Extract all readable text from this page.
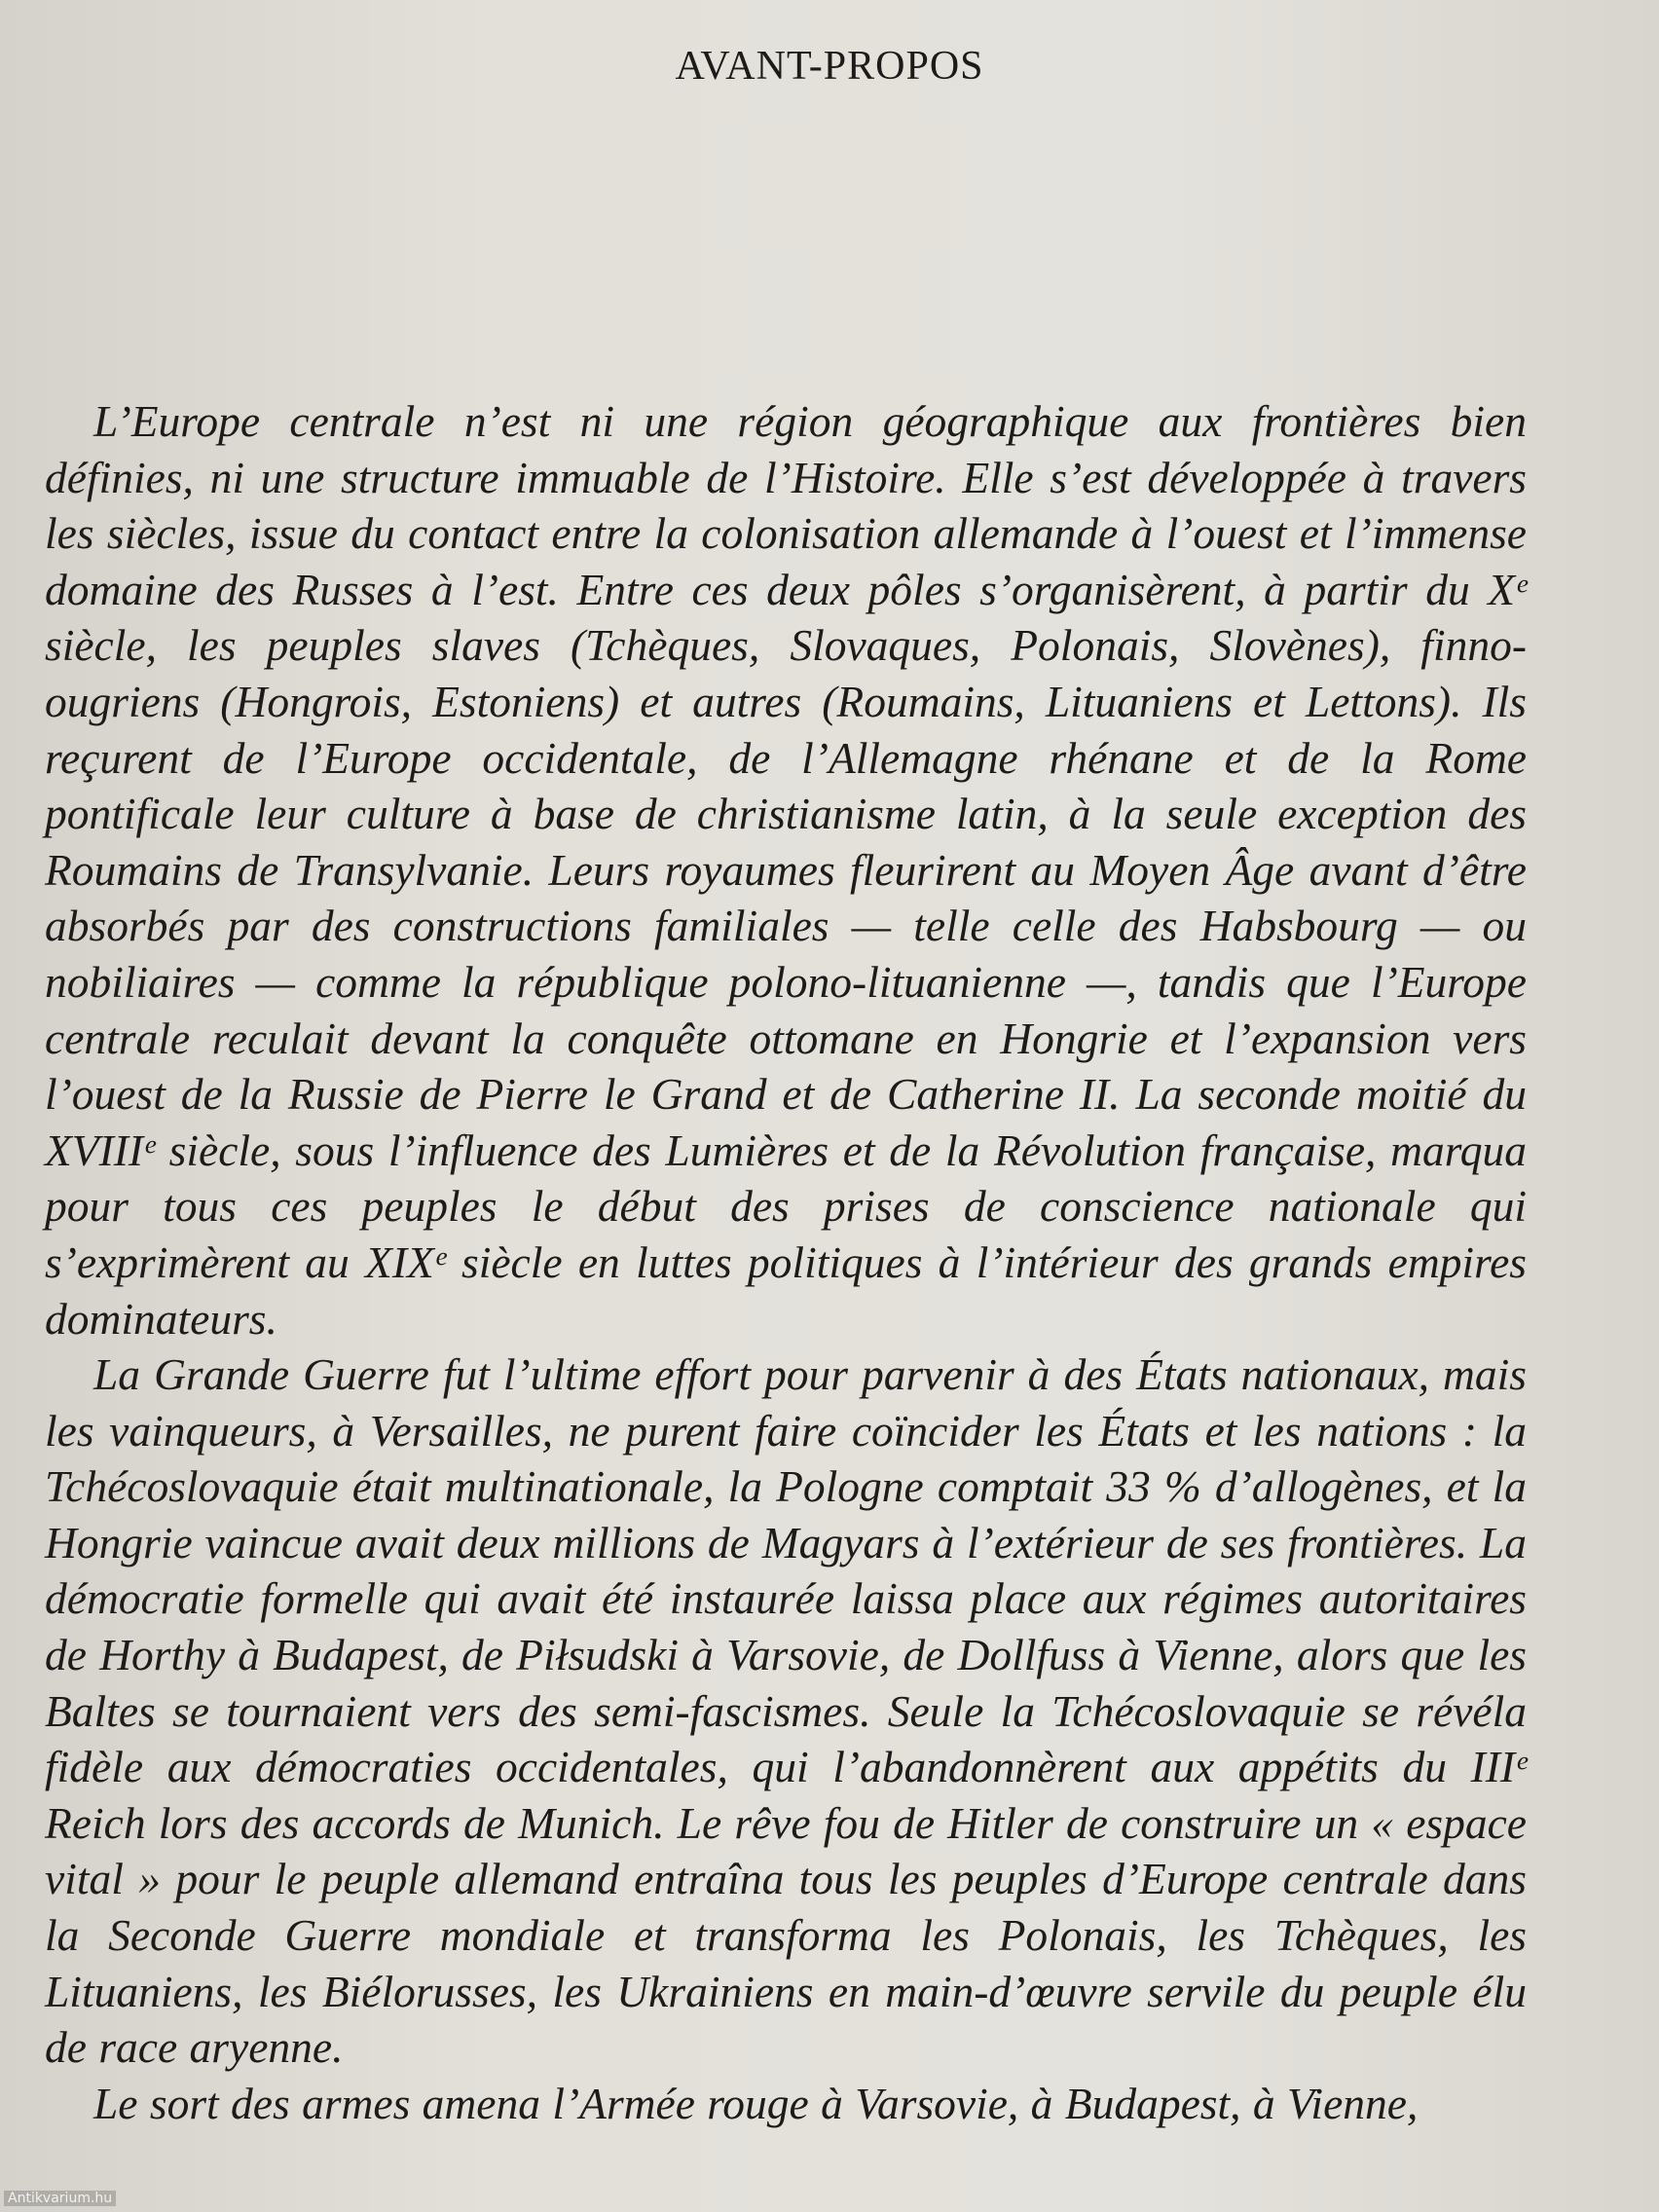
AVANT-PROPOS

L’Europe centrale n’est ni une région géographique aux frontières bien définies, ni une structure immuable de l’Histoire. Elle s’est développée à travers les siècles, issue du contact entre la colonisation allemande à l’ouest et l’immense domaine des Russes à l’est. Entre ces deux pôles s’organisèrent, à partir du Xᵉ siècle, les peuples slaves (Tchèques, Slovaques, Polonais, Slovènes), finno-ougriens (Hongrois, Estoniens) et autres (Roumains, Lituaniens et Lettons). Ils reçurent de l’Europe occidentale, de l’Allemagne rhénane et de la Rome pontificale leur culture à base de christianisme latin, à la seule exception des Roumains de Transylvanie. Leurs royaumes fleurirent au Moyen Âge avant d’être absorbés par des constructions familiales — telle celle des Habsbourg — ou nobiliaires — comme la république polono-lituanienne —, tandis que l’Europe centrale reculait devant la conquête ottomane en Hongrie et l’expansion vers l’ouest de la Russie de Pierre le Grand et de Catherine II. La seconde moitié du XVIIIᵉ siècle, sous l’influence des Lumières et de la Révolution française, marqua pour tous ces peuples le début des prises de conscience nationale qui s’exprimèrent au XIXᵉ siècle en luttes politiques à l’intérieur des grands empires dominateurs.

La Grande Guerre fut l’ultime effort pour parvenir à des États nationaux, mais les vainqueurs, à Versailles, ne purent faire coïncider les États et les nations : la Tchécoslovaquie était multinationale, la Pologne comptait 33 % d’allogènes, et la Hongrie vaincue avait deux millions de Magyars à l’extérieur de ses frontières. La démocratie formelle qui avait été instaurée laissa place aux régimes autoritaires de Horthy à Budapest, de Piłsudski à Varsovie, de Dollfuss à Vienne, alors que les Baltes se tournaient vers des semi-fascismes. Seule la Tchécoslovaquie se révéla fidèle aux démocraties occidentales, qui l’abandonnèrent aux appétits du IIIᵉ Reich lors des accords de Munich. Le rêve fou de Hitler de construire un « espace vital » pour le peuple allemand entraîna tous les peuples d’Europe centrale dans la Seconde Guerre mondiale et transforma les Polonais, les Tchèques, les Lituaniens, les Biélorusses, les Ukrainiens en main-d’œuvre servile du peuple élu de race aryenne.

Le sort des armes amena l’Armée rouge à Varsovie, à Budapest, à Vienne,

Antikvarium.hu
